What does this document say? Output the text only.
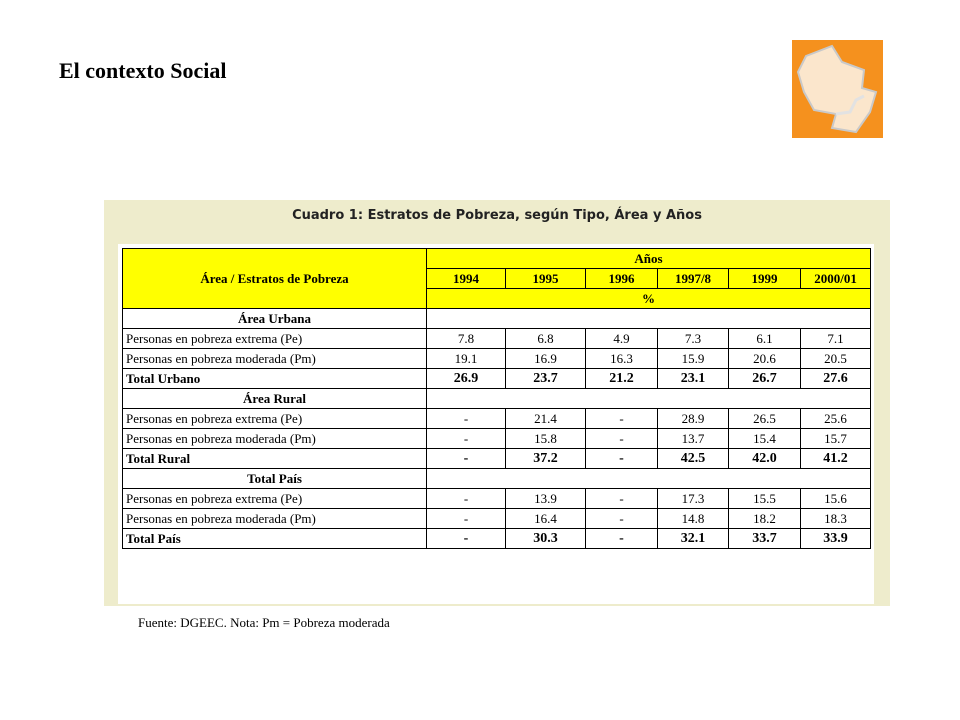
El contexto Social
Cuadro 1: Estratos de Pobreza, según Tipo, Área y Años
Área / Estratos de Pobreza	Años					
	1994	1995	1996	1997/8	1999	2000/01
	%					
Área Urbana						
Personas en pobreza extrema (Pe)	7.8	6.8	4.9	7.3	6.1	7.1
Personas en pobreza moderada (Pm)	19.1	16.9	16.3	15.9	20.6	20.5
Total Urbano	26.9	23.7	21.2	23.1	26.7	27.6
Área Rural						
Personas en pobreza extrema (Pe)	-	21.4	-	28.9	26.5	25.6
Personas en pobreza moderada (Pm)	-	15.8	-	13.7	15.4	15.7
Total Rural	-	37.2	-	42.5	42.0	41.2
Total País						
Personas en pobreza extrema (Pe)	-	13.9	-	17.3	15.5	15.6
Personas en pobreza moderada (Pm)	-	16.4	-	14.8	18.2	18.3
Total País	-	30.3	-	32.1	33.7	33.9
Fuente: DGEEC. Nota: Pm = Pobreza moderada
